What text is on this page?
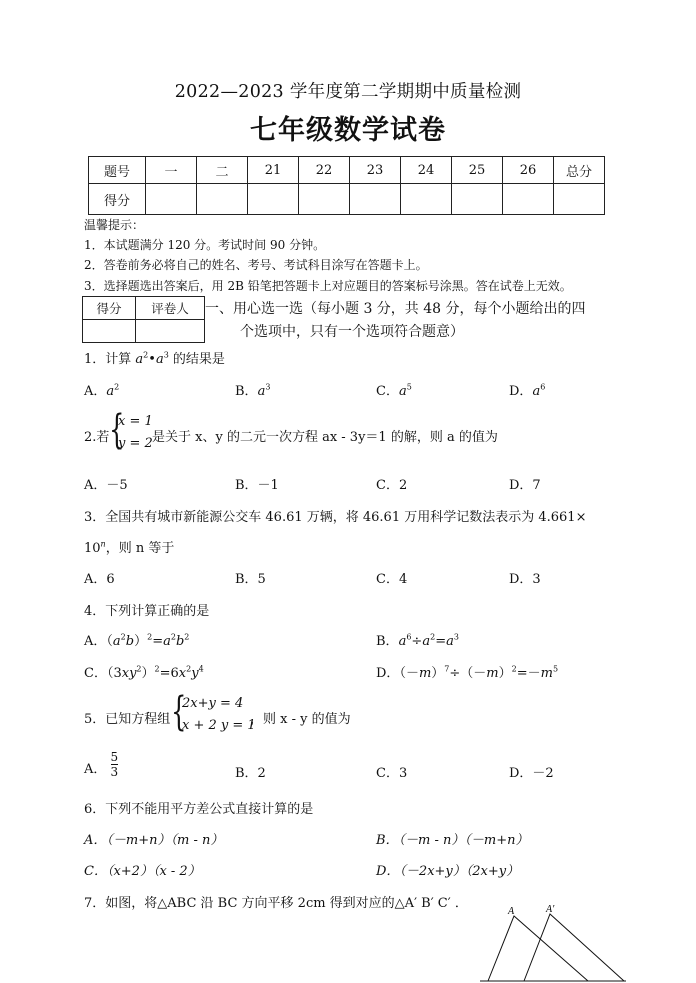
2022—2023 学年度第二学期期中质量检测
七年级数学试卷
题号	一	二	21	22	23	24	25	26	总分
得分									
温馨提示：
1．本试题满分 120 分。考试时间 90 分钟。
2．答卷前务必将自己的姓名、考号、考试科目涂写在答题卡上。
3．选择题选出答案后，用 2B 铅笔把答题卡上对应题目的答案标号涂黑。答在试卷上无效。
得分	评卷人
	一、用心选一选（每小题 3 分，共 48 分，每个小题给出的四
个选项中，只有一个选项符合题意）
1．计算 $a^2•a^3$ 的结果是
A．$a^2$	B．$a^3$	C．$a^5$	D．$a^6$
2.若 {
x = 1
y = 2 是关于 x、y 的二元一次方程 ax - 3y＝1 的解，则 a 的值为
A．－5	B．－1	C．2	D．7
3．全国共有城市新能源公交车 46.61 万辆，将 46.61 万用科学记数法表示为 4.661×
$10^n$，则 n 等于
A．6	B．5	C．4	D．3
4．下列计算正确的是
A．$(a^2b)^2=a^2b^2$	B．$a^6\div a^2=a^3$
C．$(3xy^2)^2=6x^2y^4$	D．$(-m)^7\div(-m)^2=-m^5$
5．已知方程组 {
2x+y = 4
x + 2 y = 1
，则 x - y 的值为
A． $\frac{5}{3}$	B．2	C．3	D．－2
6．下列不能用平方差公式直接计算的是
A．（－m+n）（m - n）	B．（－m - n）（－m+n）
C．（x+2）（x - 2）	D．（－2x+y）（2x+y）
7．如图，将△ABC 沿 BC 方向平移 2cm 得到对应的△A′ B′ C′ ．
A	A′
